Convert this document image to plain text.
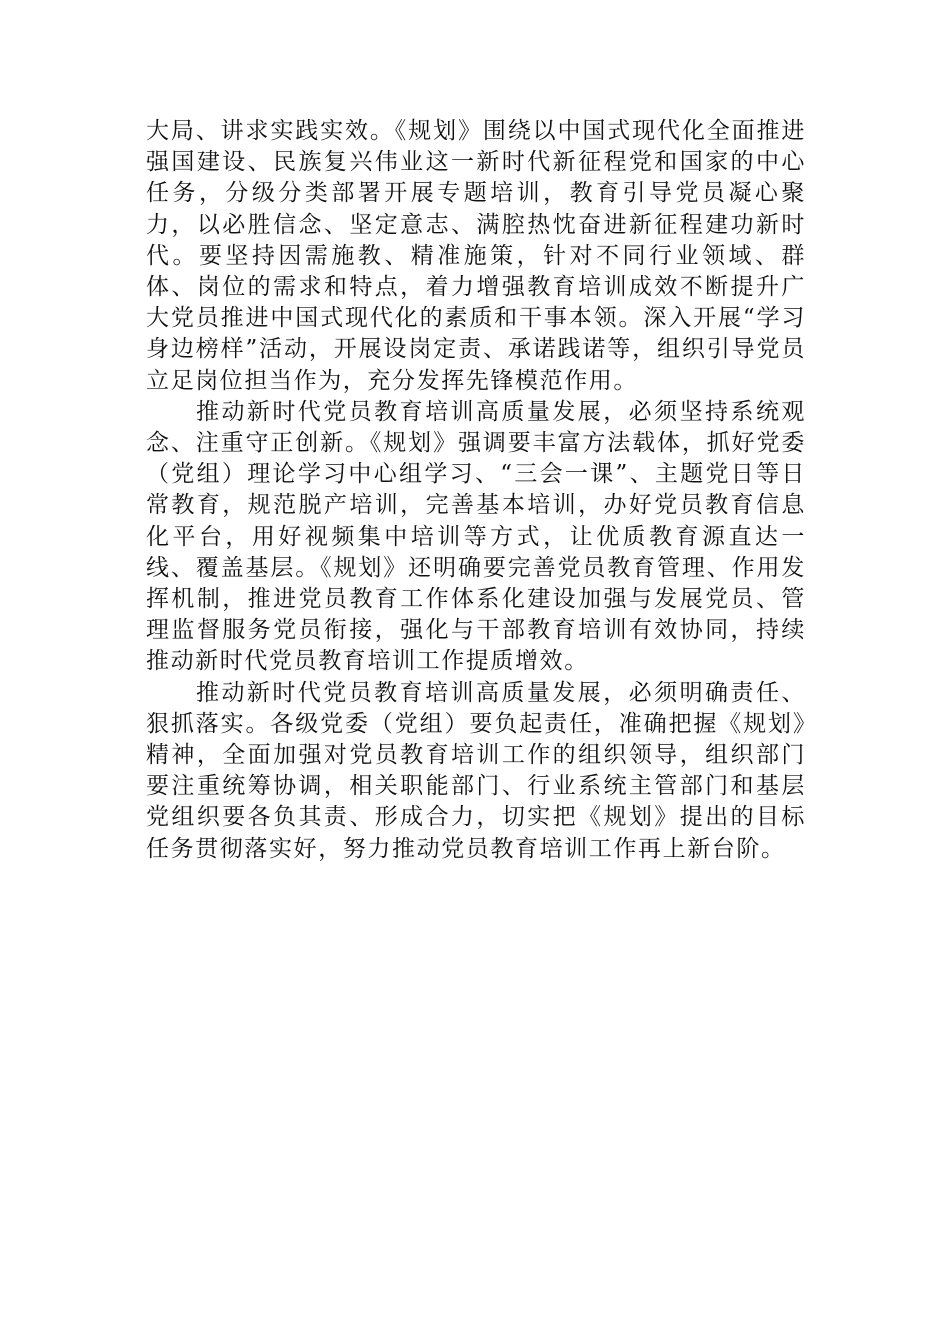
大局、讲求实践实效。《规划》围绕以中国式现代化全面推进强国建设、民族复兴伟业这一新时代新征程党和国家的中心任务，分级分类部署开展专题培训，教育引导党员凝心聚力，以必胜信念、坚定意志、满腔热忱奋进新征程建功新时代。要坚持因需施教、精准施策，针对不同行业领域、群体、岗位的需求和特点，着力增强教育培训成效不断提升广大党员推进中国式现代化的素质和干事本领。深入开展“学习身边榜样”活动，开展设岗定责、承诺践诺等，组织引导党员立足岗位担当作为，充分发挥先锋模范作用。

推动新时代党员教育培训高质量发展，必须坚持系统观念、注重守正创新。《规划》强调要丰富方法载体，抓好党委（党组）理论学习中心组学习、“三会一课”、主题党日等日常教育，规范脱产培训，完善基本培训，办好党员教育信息化平台，用好视频集中培训等方式，让优质教育源直达一线、覆盖基层。《规划》还明确要完善党员教育管理、作用发挥机制，推进党员教育工作体系化建设加强与发展党员、管理监督服务党员衔接，强化与干部教育培训有效协同，持续推动新时代党员教育培训工作提质增效。

推动新时代党员教育培训高质量发展，必须明确责任、狠抓落实。各级党委（党组）要负起责任，准确把握《规划》精神，全面加强对党员教育培训工作的组织领导，组织部门要注重统筹协调，相关职能部门、行业系统主管部门和基层党组织要各负其责、形成合力，切实把《规划》提出的目标任务贯彻落实好，努力推动党员教育培训工作再上新台阶。
